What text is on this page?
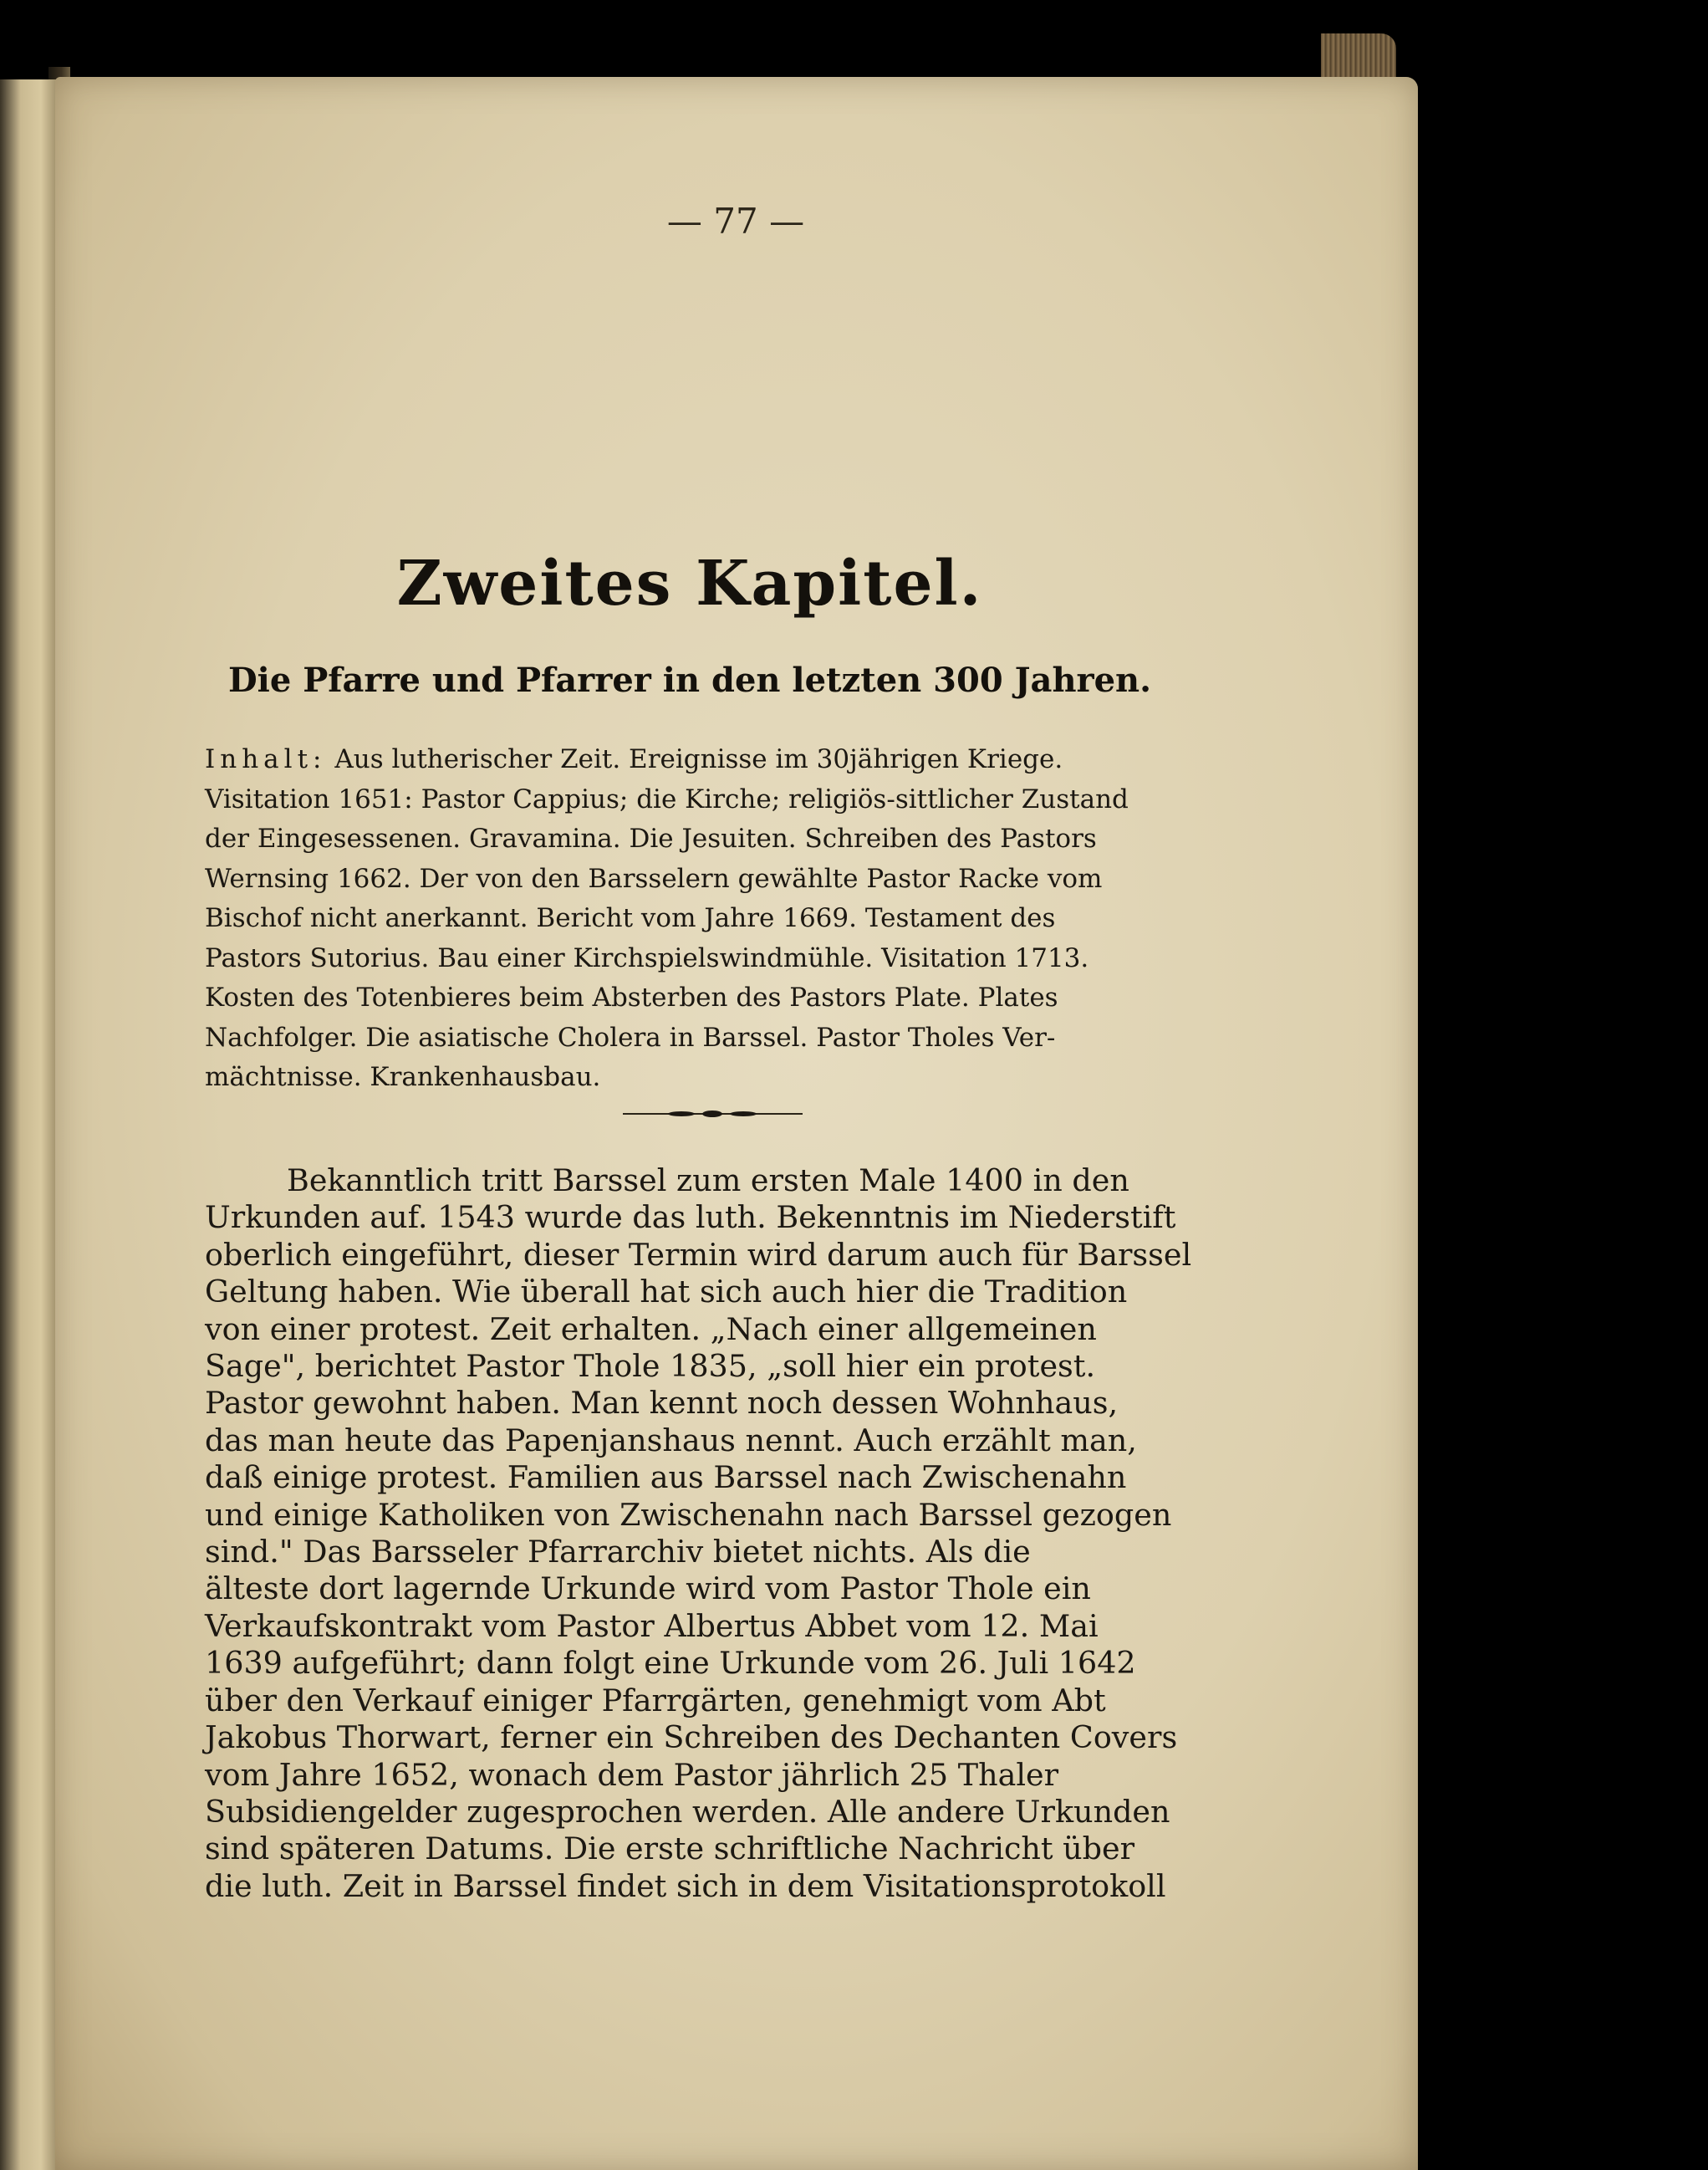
— 77 —
Zweites Kapitel.
Die Pfarre und Pfarrer in den letzten 300 Jahren.
Inhalt: Aus lutherischer Zeit. Ereignisse im 30jährigen Kriege.
Visitation 1651: Pastor Cappius; die Kirche; religiös-sittlicher Zustand
der Eingesessenen. Gravamina. Die Jesuiten. Schreiben des Pastors
Wernsing 1662. Der von den Barsselern gewählte Pastor Racke vom
Bischof nicht anerkannt. Bericht vom Jahre 1669. Testament des
Pastors Sutorius. Bau einer Kirchspielswindmühle. Visitation 1713.
Kosten des Totenbieres beim Absterben des Pastors Plate. Plates
Nachfolger. Die asiatische Cholera in Barssel. Pastor Tholes Ver-
mächtnisse. Krankenhausbau.
Bekanntlich tritt Barssel zum ersten Male 1400 in den
Urkunden auf. 1543 wurde das luth. Bekenntnis im Niederstift
oberlich eingeführt, dieser Termin wird darum auch für Barssel
Geltung haben. Wie überall hat sich auch hier die Tradition
von einer protest. Zeit erhalten. „Nach einer allgemeinen
Sage", berichtet Pastor Thole 1835, „soll hier ein protest.
Pastor gewohnt haben. Man kennt noch dessen Wohnhaus,
das man heute das Papenjanshaus nennt. Auch erzählt man,
daß einige protest. Familien aus Barssel nach Zwischenahn
und einige Katholiken von Zwischenahn nach Barssel gezogen
sind." Das Barsseler Pfarrarchiv bietet nichts. Als die
älteste dort lagernde Urkunde wird vom Pastor Thole ein
Verkaufskontrakt vom Pastor Albertus Abbet vom 12. Mai
1639 aufgeführt; dann folgt eine Urkunde vom 26. Juli 1642
über den Verkauf einiger Pfarrgärten, genehmigt vom Abt
Jakobus Thorwart, ferner ein Schreiben des Dechanten Covers
vom Jahre 1652, wonach dem Pastor jährlich 25 Thaler
Subsidiengelder zugesprochen werden. Alle andere Urkunden
sind späteren Datums. Die erste schriftliche Nachricht über
die luth. Zeit in Barssel findet sich in dem Visitationsprotokoll
